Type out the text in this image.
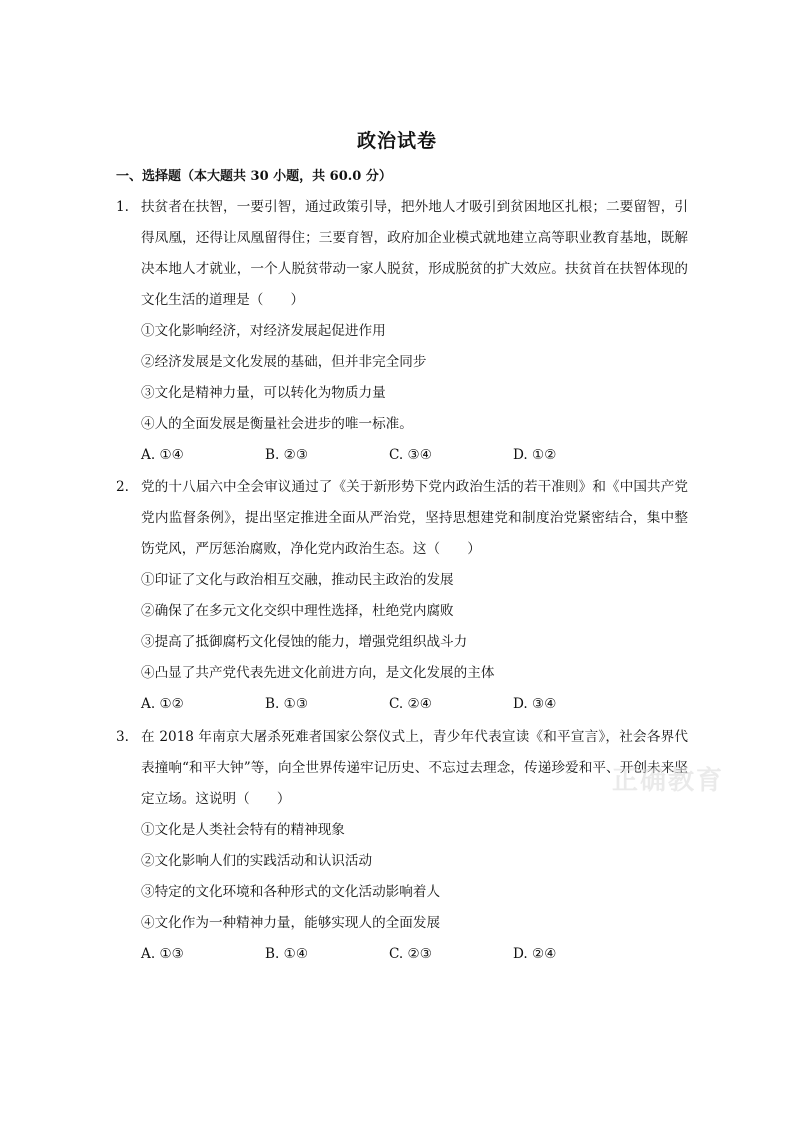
政治试卷
一、选择题（本大题共 30 小题，共 60.0 分）
1. 扶贫者在扶智，一要引智，通过政策引导，把外地人才吸引到贫困地区扎根；二要留智，引得凤凰，还得让凤凰留得住；三要育智，政府加企业模式就地建立高等职业教育基地，既解决本地人才就业，一个人脱贫带动一家人脱贫，形成脱贫的扩大效应。扶贫首在扶智体现的文化生活的道理是（　　）
①文化影响经济，对经济发展起促进作用
②经济发展是文化发展的基础，但并非完全同步
③文化是精神力量，可以转化为物质力量
④人的全面发展是衡量社会进步的唯一标准。
A. ①④	B. ②③	C. ③④	D. ①②
2. 党的十八届六中全会审议通过了《关于新形势下党内政治生活的若干准则》和《中国共产党党内监督条例》，提出坚定推进全面从严治党，坚持思想建党和制度治党紧密结合，集中整饬党风，严厉惩治腐败，净化党内政治生态。这（　　）
①印证了文化与政治相互交融，推动民主政治的发展
②确保了在多元文化交织中理性选择，杜绝党内腐败
③提高了抵御腐朽文化侵蚀的能力，增强党组织战斗力
④凸显了共产党代表先进文化前进方向，是文化发展的主体
A. ①②	B. ①③	C. ②④	D. ③④
3. 在 2018 年南京大屠杀死难者国家公祭仪式上，青少年代表宣读《和平宣言》，社会各界代表撞响“和平大钟”等，向全世界传递牢记历史、不忘过去理念，传递珍爱和平、开创未来坚定立场。这说明（　　）
①文化是人类社会特有的精神现象
②文化影响人们的实践活动和认识活动
③特定的文化环境和各种形式的文化活动影响着人
④文化作为一种精神力量，能够实现人的全面发展
A. ①③	B. ①④	C. ②③	D. ②④
正确教育
